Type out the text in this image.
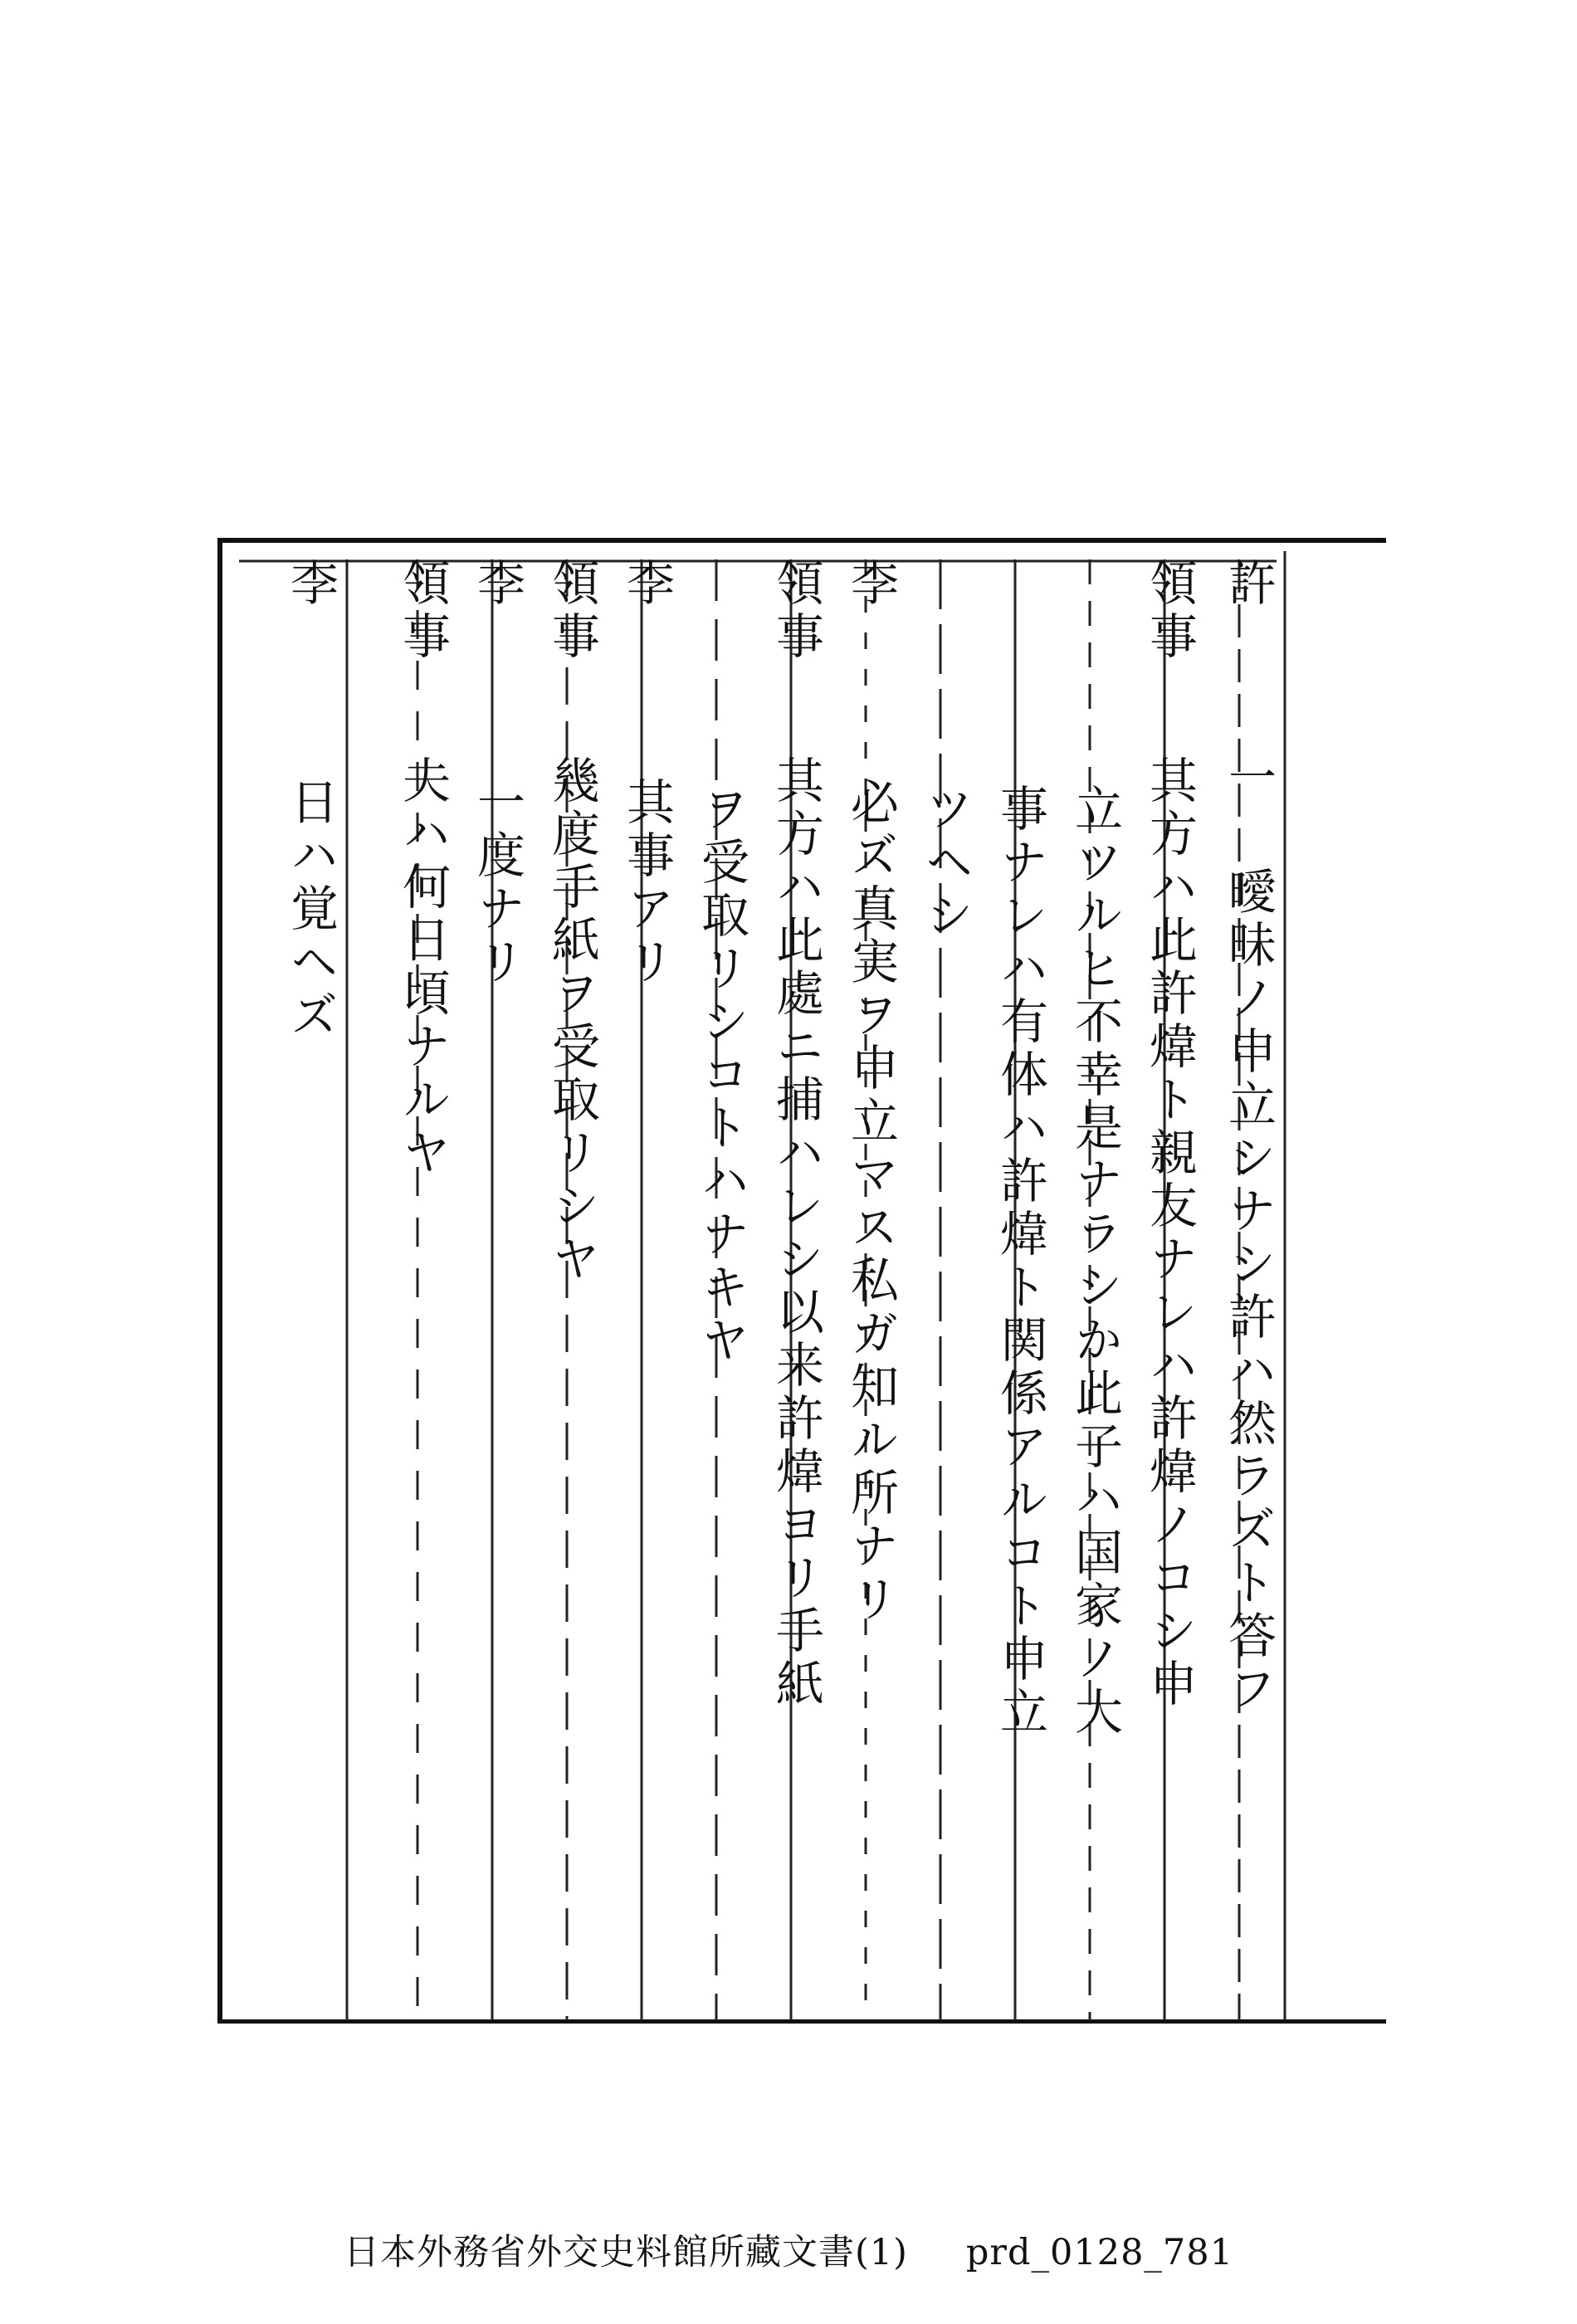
許一 曖昧ノ申立シナシ許ハ然ラズト答フ
領事其方ハ此許煒ト親友ナレハ許煒ノコシ申
立ツルヒ不幸是ナラシか此子ハ国家ノ大
事ナレハ有体ハ許煒ト関係アルコト申立
ツヘシ
李必ズ真実ヲ申立マス私ガ知ル所ナリ
領事其方ハ此處ニ捕ハレシ以来許煒ヨリ手紙
ヲ受取リシコトハナキヤ
李其事アリ
領事幾度手紙ヲ受取リシヤ
李一度ナリ
領事夫ハ何日頃ナルヤ
李日ハ覚ヘズ
日本外務省外交史料館所藏文書(1) prd_0128_781
